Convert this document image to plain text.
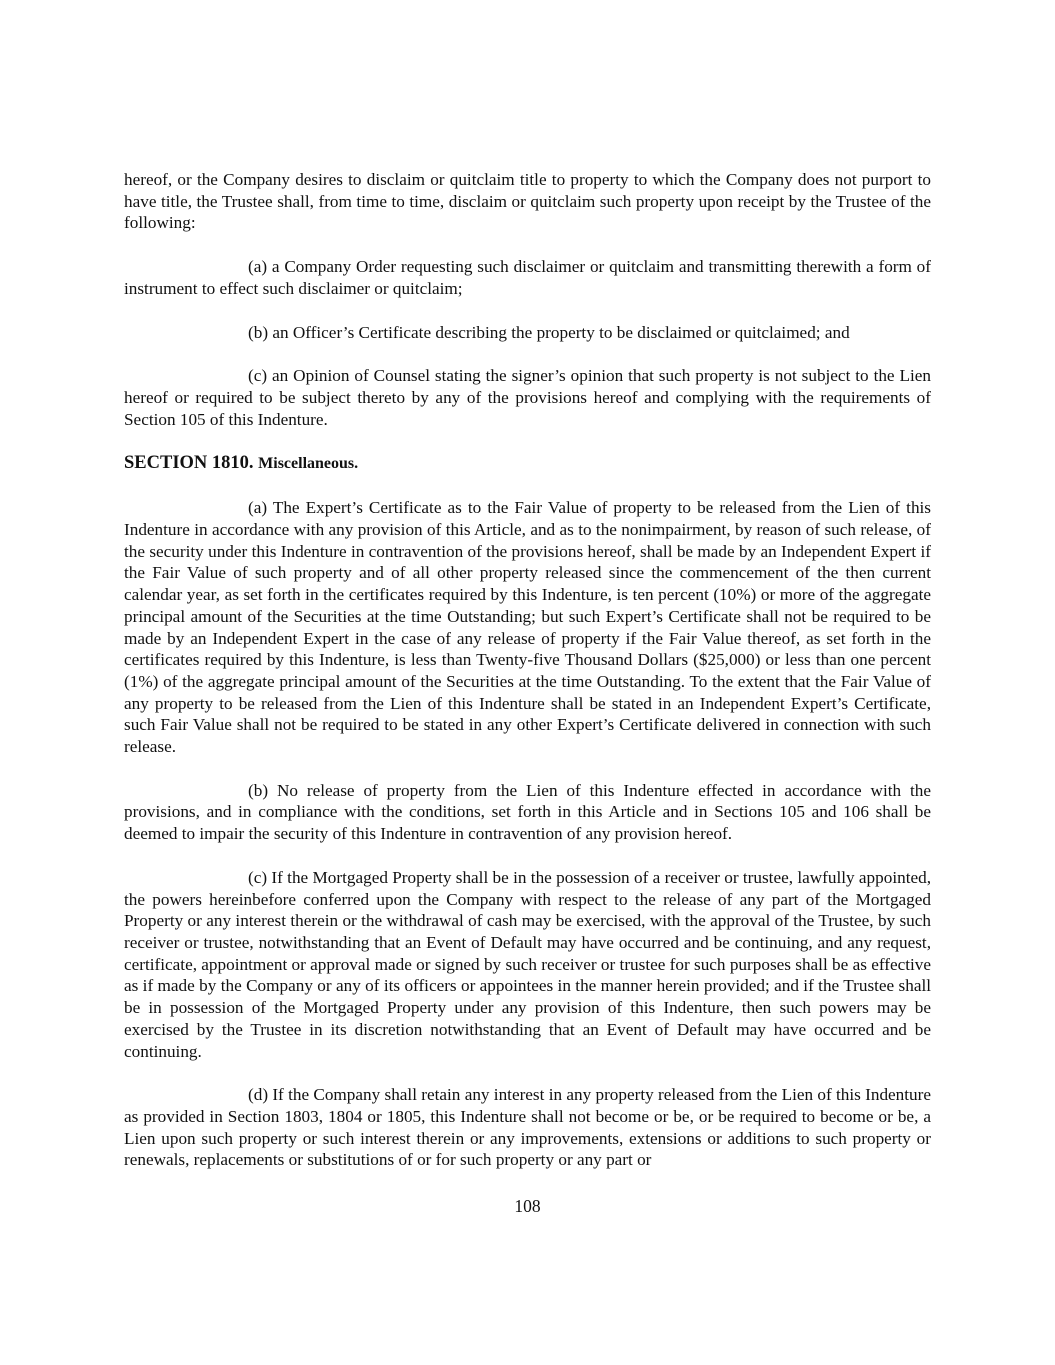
hereof, or the Company desires to disclaim or quitclaim title to property to which the Company does not purport to have title, the Trustee shall, from time to time, disclaim or quitclaim such property upon receipt by the Trustee of the following:

(a) a Company Order requesting such disclaimer or quitclaim and transmitting therewith a form of instrument to effect such disclaimer or quitclaim;

(b) an Officer’s Certificate describing the property to be disclaimed or quitclaimed; and

(c) an Opinion of Counsel stating the signer’s opinion that such property is not subject to the Lien hereof or required to be subject thereto by any of the provisions hereof and complying with the requirements of Section 105 of this Indenture.

SECTION 1810. Miscellaneous.

(a) The Expert’s Certificate as to the Fair Value of property to be released from the Lien of this Indenture in accordance with any provision of this Article, and as to the nonimpairment, by reason of such release, of the security under this Indenture in contravention of the provisions hereof, shall be made by an Independent Expert if the Fair Value of such property and of all other property released since the commencement of the then current calendar year, as set forth in the certificates required by this Indenture, is ten percent (10%) or more of the aggregate principal amount of the Securities at the time Outstanding; but such Expert’s Certificate shall not be required to be made by an Independent Expert in the case of any release of property if the Fair Value thereof, as set forth in the certificates required by this Indenture, is less than Twenty-five Thousand Dollars ($25,000) or less than one percent (1%) of the aggregate principal amount of the Securities at the time Outstanding. To the extent that the Fair Value of any property to be released from the Lien of this Indenture shall be stated in an Independent Expert’s Certificate, such Fair Value shall not be required to be stated in any other Expert’s Certificate delivered in connection with such release.

(b) No release of property from the Lien of this Indenture effected in accordance with the provisions, and in compliance with the conditions, set forth in this Article and in Sections 105 and 106 shall be deemed to impair the security of this Indenture in contravention of any provision hereof.

(c) If the Mortgaged Property shall be in the possession of a receiver or trustee, lawfully appointed, the powers hereinbefore conferred upon the Company with respect to the release of any part of the Mortgaged Property or any interest therein or the withdrawal of cash may be exercised, with the approval of the Trustee, by such receiver or trustee, notwithstanding that an Event of Default may have occurred and be continuing, and any request, certificate, appointment or approval made or signed by such receiver or trustee for such purposes shall be as effective as if made by the Company or any of its officers or appointees in the manner herein provided; and if the Trustee shall be in possession of the Mortgaged Property under any provision of this Indenture, then such powers may be exercised by the Trustee in its discretion notwithstanding that an Event of Default may have occurred and be continuing.

(d) If the Company shall retain any interest in any property released from the Lien of this Indenture as provided in Section 1803, 1804 or 1805, this Indenture shall not become or be, or be required to become or be, a Lien upon such property or such interest therein or any improvements, extensions or additions to such property or renewals, replacements or substitutions of or for such property or any part or

108
